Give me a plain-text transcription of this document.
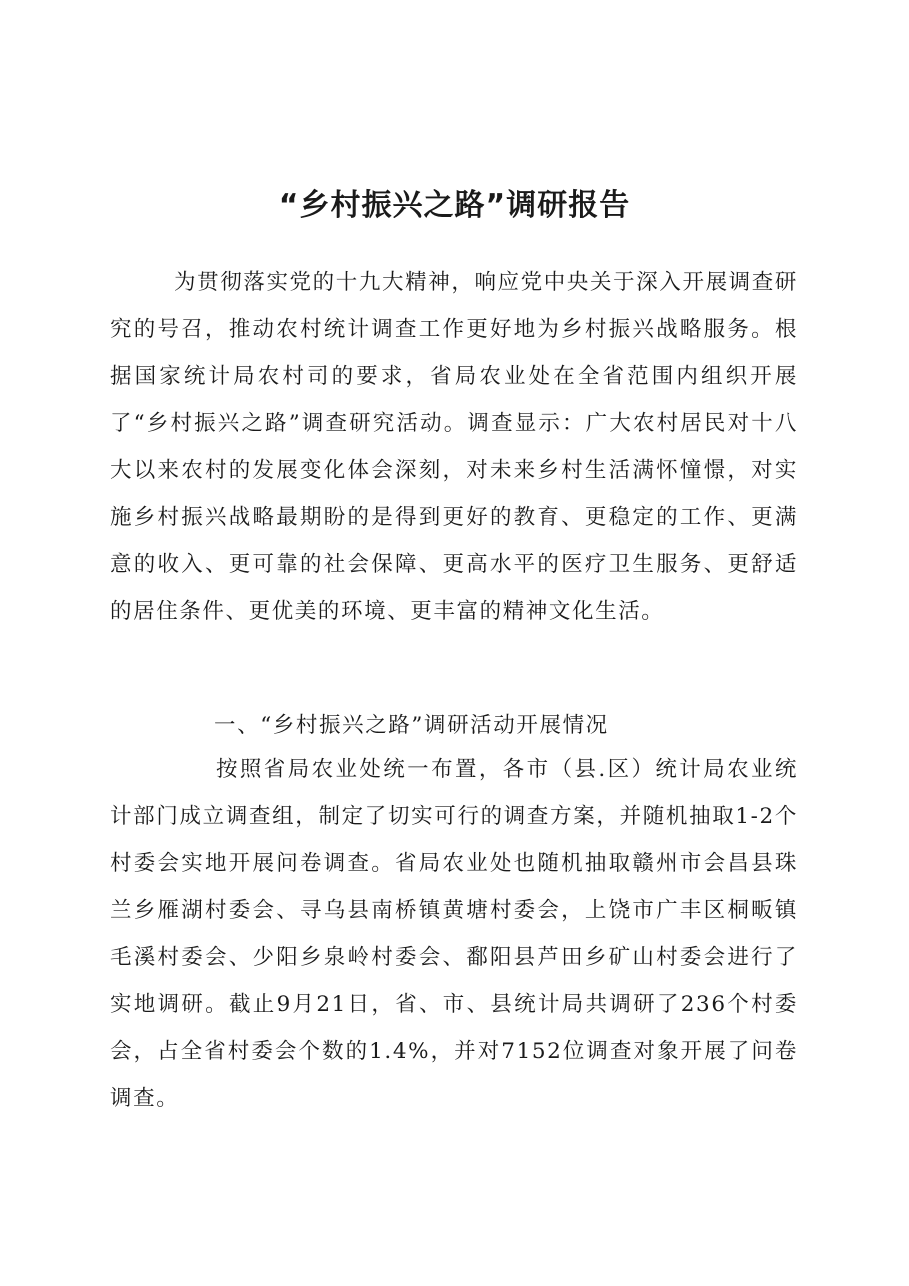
“乡村振兴之路”调研报告

为贯彻落实党的十九大精神，响应党中央关于深入开展调查研究的号召，推动农村统计调查工作更好地为乡村振兴战略服务。根据国家统计局农村司的要求，省局农业处在全省范围内组织开展了“乡村振兴之路”调查研究活动。调查显示：广大农村居民对十八大以来农村的发展变化体会深刻，对未来乡村生活满怀憧憬，对实施乡村振兴战略最期盼的是得到更好的教育、更稳定的工作、更满意的收入、更可靠的社会保障、更高水平的医疗卫生服务、更舒适的居住条件、更优美的环境、更丰富的精神文化生活。

一、“乡村振兴之路”调研活动开展情况

按照省局农业处统一布置，各市（县.区）统计局农业统计部门成立调查组，制定了切实可行的调查方案，并随机抽取1-2个村委会实地开展问卷调查。省局农业处也随机抽取赣州市会昌县珠兰乡雁湖村委会、寻乌县南桥镇黄塘村委会，上饶市广丰区桐畈镇毛溪村委会、少阳乡泉岭村委会、鄱阳县芦田乡矿山村委会进行了实地调研。截止9月21日，省、市、县统计局共调研了236个村委会，占全省村委会个数的1.4%，并对7152位调查对象开展了问卷调查。
